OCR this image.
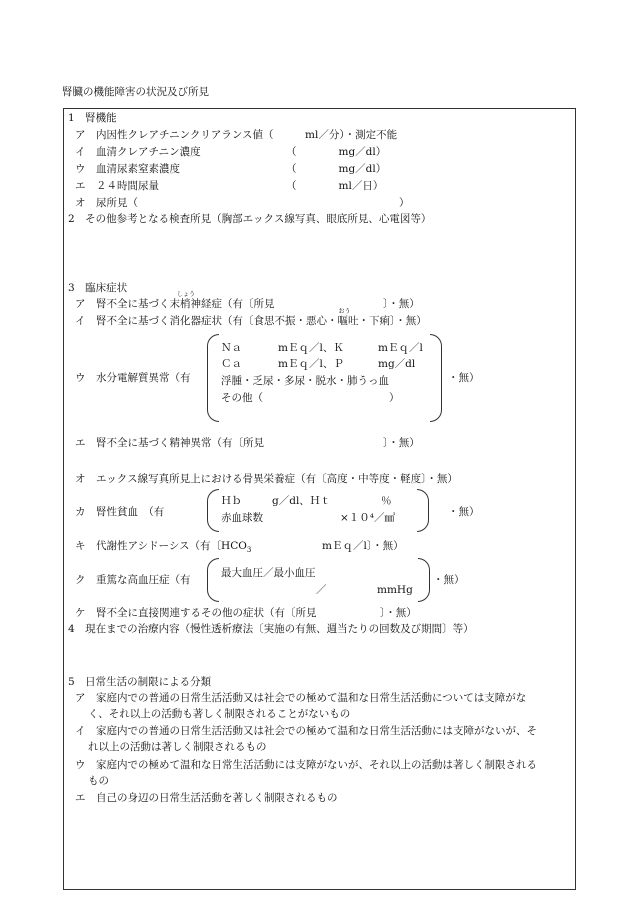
腎臓の機能障害の状況及び所見
1　腎機能
ア　内因性クレアチニンクリアランス値（　　　ml／分）・測定不能
イ　血清クレアチニン濃度	（　　　　mg／dl）
ウ　血清尿素窒素濃度	（　　　　mg／dl）
エ　２４時間尿量	（　　　　ml／日）
オ　尿所見（	）
2　その他参考となる検査所見（胸部エックス線写真、眼底所見、心電図等）
3　臨床症状
ア　腎不全に基づく末
しょう
梢神経症（有〔所見	〕・無）
イ　腎不全に基づく消化器症状（有〔食思不振・悪心・
おう
嘔吐・下痢〕・無）
ウ　水分電解質異常（有
Ｎａ	mＥｑ／l、Ｋ	mＥｑ／l
Ｃａ	mＥｑ／l、Ｐ	mg／dl
浮腫・乏尿・多尿・脱水・肺うっ血
その他（	）
・無）
エ　腎不全に基づく精神異常（有〔所見	〕・無）
オ　エックス線写真所見上における骨異栄養症（有〔高度・中等度・軽度〕・無）
カ　腎性貧血　（有
Ｈｂ	g／dl、Ｈｔ	％
赤血球数	×１０⁴／㎣	・無）
キ　代謝性アシドーシス（有〔$HCO_3$	mＥｑ／l〕・無）
ク　重篤な高血圧症（有
最大血圧／最小血圧
／	mmHg
・無）
ケ　腎不全に直接関連するその他の症状（有〔所見	〕・無）
4　現在までの治療内容（慢性透析療法〔実施の有無、週当たりの回数及び期間〕等）
5　日常生活の制限による分類
ア　家庭内での普通の日常生活活動又は社会での極めて温和な日常生活活動については支障がな
く、それ以上の活動も著しく制限されることがないもの
イ　家庭内での普通の日常生活活動又は社会での極めて温和な日常生活活動には支障がないが、そ
れ以上の活動は著しく制限されるもの
ウ　家庭内での極めて温和な日常生活活動には支障がないが、それ以上の活動は著しく制限される
もの
エ　自己の身辺の日常生活活動を著しく制限されるもの
